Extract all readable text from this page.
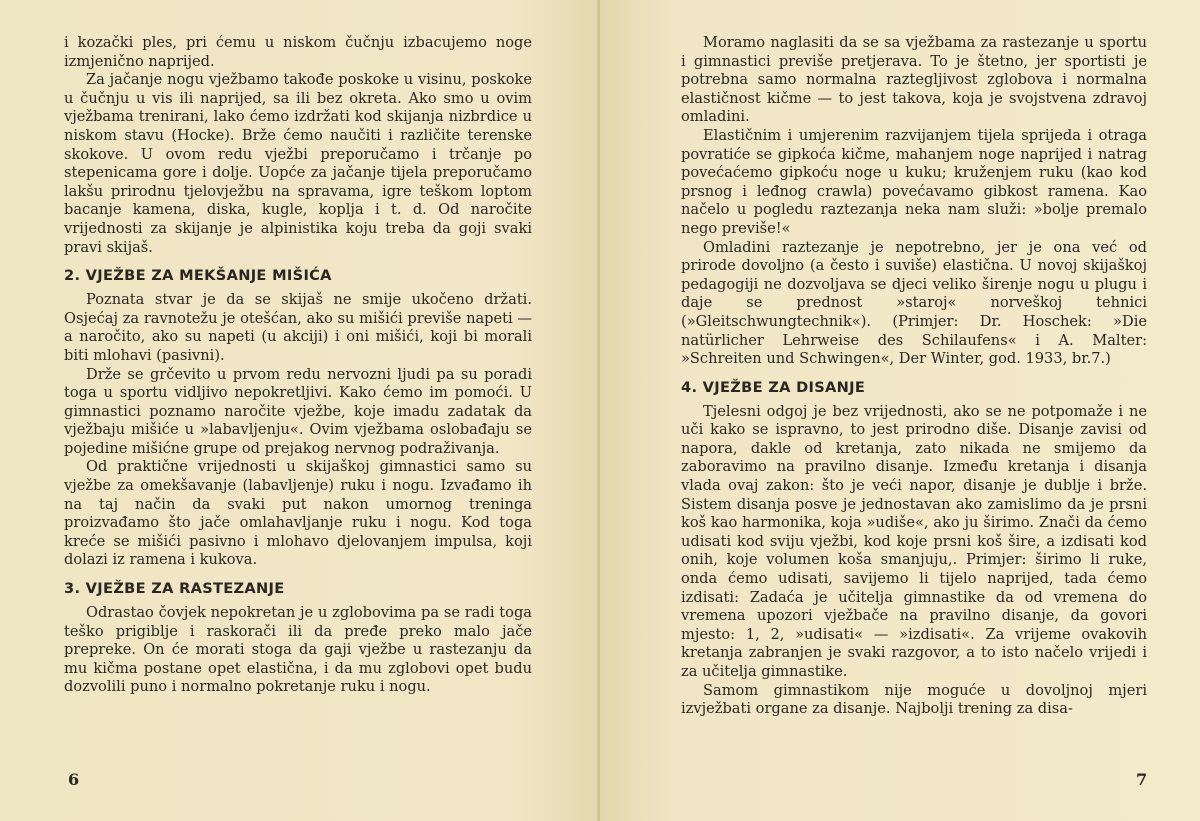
i kozački ples, pri ćemu u niskom čučnju izbacujemo noge izmjenično naprijed.

Za jačanje nogu vježbamo takođe poskoke u visinu, poskoke u čučnju u vis ili naprijed, sa ili bez okreta. Ako smo u ovim vježbama trenirani, lako ćemo izdržati kod skijanja nizbrdice u niskom stavu (Hocke). Brže ćemo naučiti i različite terenske skokove. U ovom redu vježbi preporučamo i trčanje po stepenicama gore i dolje. Uopće za jačanje tijela preporučamo lakšu prirodnu tjelovježbu na spravama, igre teškom loptom bacanje kamena, diska, kugle, koplja i t. d. Od naročite vrijednosti za skijanje je alpinistika koju treba da goji svaki pravi skijaš.

2. VJEŽBE ZA MEKŠANJE MIŠIĆA

Poznata stvar je da se skijaš ne smije ukočeno držati. Osjećaj za ravnotežu je otešćan, ako su mišići previše napeti — a naročito, ako su napeti (u akciji) i oni mišići, koji bi morali biti mlohavi (pasivni).

Drže se grčevito u prvom redu nervozni ljudi pa su poradi toga u sportu vidljivo nepokretljivi. Kako ćemo im pomoći. U gimnastici poznamo naročite vježbe, koje imadu zadatak da vježbaju mišiće u »labavljenju«. Ovim vježbama oslobađaju se pojedine mišićne grupe od prejakog nervnog podraživanja.

Od praktične vrijednosti u skijaškoj gimnastici samo su vježbe za omekšavanje (labavljenje) ruku i nogu. Izvađamo ih na taj način da svaki put nakon umornog treninga proizvađamo što jače omlahavljanje ruku i nogu. Kod toga kreće se mišići pasivno i mlohavo djelovanjem impulsa, koji dolazi iz ramena i kukova.

3. VJEŽBE ZA RASTEZANJE

Odrastao čovjek nepokretan je u zglobovima pa se radi toga teško prigiblje i raskorači ili da pređe preko malo jače prepreke. On će morati stoga da gaji vježbe u rastezanju da mu kičma postane opet elastična, i da mu zglobovi opet budu dozvolili puno i normalno pokretanje ruku i nogu.

6

Moramo naglasiti da se sa vježbama za rastezanje u sportu i gimnastici previše pretjerava. To je štetno, jer sportisti je potrebna samo normalna raztegljivost zglobova i normalna elastičnost kičme — to jest takova, koja je svojstvena zdravoj omladini.

Elastičnim i umjerenim razvijanjem tijela sprijeda i otraga povratiće se gipkoća kičme, mahanjem noge naprijed i natrag povećaćemo gipkoću noge u kuku; kruženjem ruku (kao kod prsnog i leđnog crawla) povećavamo gibkost ramena. Kao načelo u pogledu raztezanja neka nam služi: »bolje premalo nego previše!«

Omladini raztezanje je nepotrebno, jer je ona već od prirode dovoljno (a često i suviše) elastična. U novoj skijaškoj pedagogiji ne dozvoljava se djeci veliko širenje nogu u plugu i daje se prednost »staroj« norveškoj tehnici (»Gleitschwungtechnik«). (Primjer: Dr. Hoschek: »Die natürlicher Lehrweise des Schilaufens« i A. Malter: »Schreiten und Schwingen«, Der Winter, god. 1933, br.7.)

4. VJEŽBE ZA DISANJE

Tjelesni odgoj je bez vrijednosti, ako se ne potpomaže i ne uči kako se ispravno, to jest prirodno diše. Disanje zavisi od napora, dakle od kretanja, zato nikada ne smijemo da zaboravimo na pravilno disanje. Između kretanja i disanja vlada ovaj zakon: što je veći napor, disanje je dublje i brže. Sistem disanja posve je jednostavan ako zamislimo da je prsni koš kao harmonika, koja »udiše«, ako ju širimo. Znači da ćemo udisati kod sviju vježbi, kod koje prsni koš šire, a izdisati kod onih, koje volumen koša smanjuju,. Primjer: širimo li ruke, onda ćemo udisati, savijemo li tijelo naprijed, tada ćemo izdisati: Zadaća je učitelja gimnastike da od vremena do vremena upozori vježbače na pravilno disanje, da govori mjesto: 1, 2, »udisati« — »izdisati«. Za vrijeme ovakovih kretanja zabranjen je svaki razgovor, a to isto načelo vrijedi i za učitelja gimnastike.

Samom gimnastikom nije moguće u dovoljnoj mjeri izvježbati organe za disanje. Najbolji trening za disa-

7
